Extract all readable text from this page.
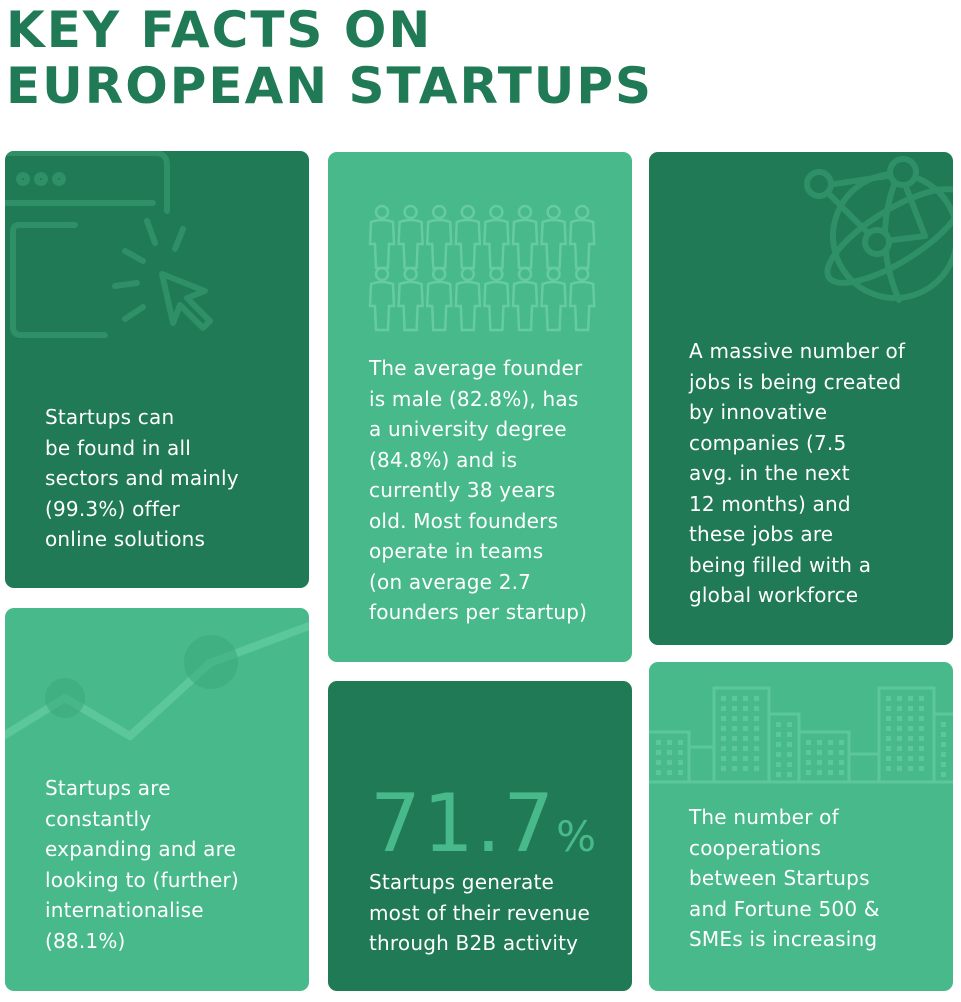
KEY FACTS ON
EUROPEAN STARTUPS
Startups can
be found in all
sectors and mainly
(99.3%) offer
online solutions
The average founder
is male (82.8%), has
a university degree
(84.8%) and is
currently 38 years
old. Most founders
operate in teams
(on average 2.7
founders per startup)
A massive number of
jobs is being created
by innovative
companies (7.5
avg. in the next
12 months) and
these jobs are
being filled with a
global workforce
Startups are
constantly
expanding and are
looking to (further)
internationalise
(88.1%)
71.7%
Startups generate
most of their revenue
through B2B activity
The number of
cooperations
between Startups
and Fortune 500 &
SMEs is increasing
